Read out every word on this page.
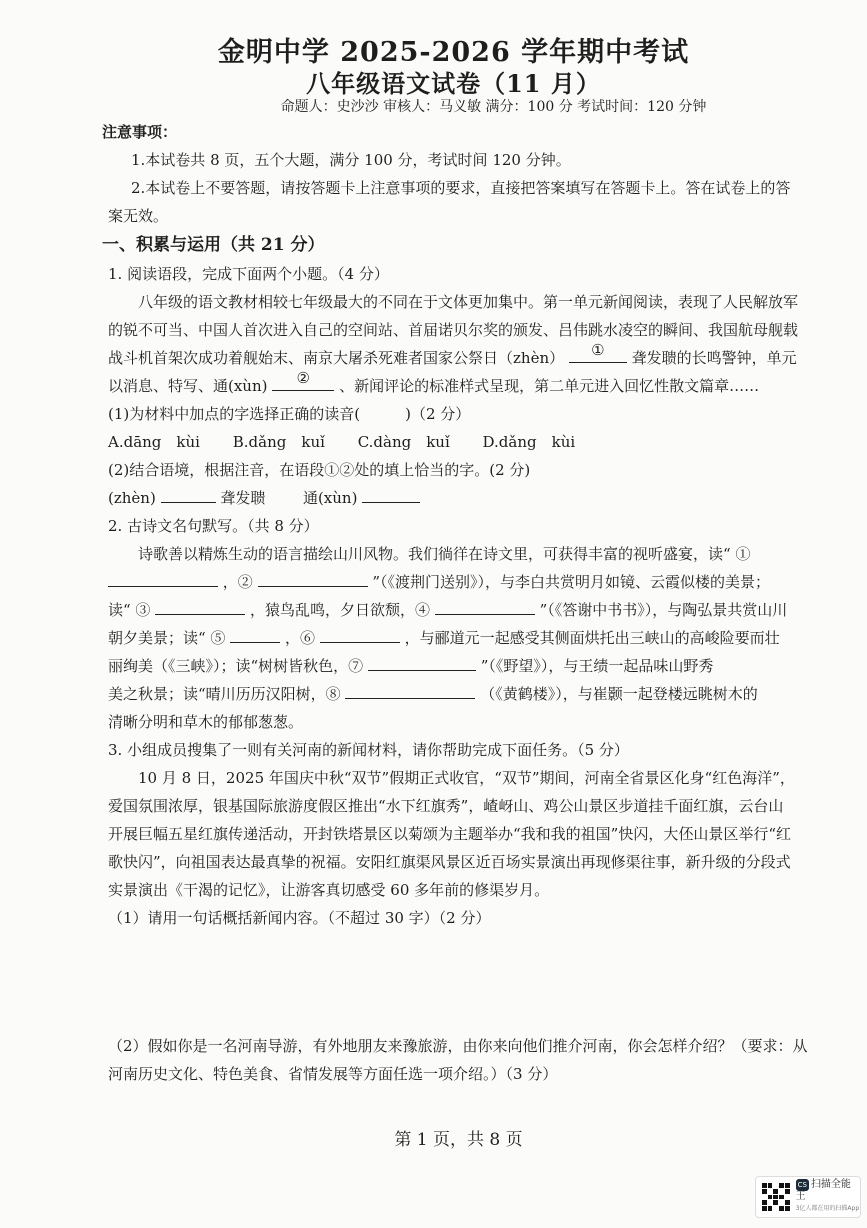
金明中学 2025-2026 学年期中考试
八年级语文试卷（11 月）
命题人：史沙沙 审核人：马义敏 满分：100 分 考试时间：120 分钟
注意事项：
1.本试卷共 8 页，五个大题，满分 100 分，考试时间 120 分钟。
2.本试卷上不要答题，请按答题卡上注意事项的要求，直接把答案填写在答题卡上。答在试卷上的答
案无效。
一、积累与运用（共 21 分）
1. 阅读语段，完成下面两个小题。（4 分）
八年级的语文教材相较七年级最大的不同在于文体更加集中。第一单元新闻阅读，表现了人民解放军
的锐不可当、中国人首次进入自己的空间站、首届诺贝尔奖的颁发、吕伟跳水凌空的瞬间、我国航母舰载
战斗机首架次成功着舰始末、南京大屠杀死难者国家公祭日（zhèn） ① 聋发聩的长鸣警钟，单元
以消息、特写、通(xùn) ② 、新闻评论的标准样式呈现，第二单元进入回忆性散文篇章……
(1)为材料中加点的字选择正确的读音(　　　)（2 分）
A.dāng　kùi B.dǎng　kuǐ C.dàng　kuǐ D.dǎng　kùi
(2)结合语境，根据注音，在语段①②处的填上恰当的字。(2 分)
(zhèn)	聋发聩	通(xùn)
2. 古诗文名句默写。（共 8 分）
诗歌善以精炼生动的语言描绘山川风物。我们徜徉在诗文里，可获得丰富的视听盛宴，读“ ①
，②	”（《渡荆门送别》），与李白共赏明月如镜、云霞似楼的美景；
读“ ③	，猿鸟乱鸣，夕日欲颓，④	”（《答谢中书书》），与陶弘景共赏山川
朝夕美景；读“ ⑤	，⑥	，与郦道元一起感受其侧面烘托出三峡山的高峻险要而壮
丽绚美（《三峡》）；读“树树皆秋色，⑦	”（《野望》），与王绩一起品味山野秀
美之秋景；读“晴川历历汉阳树，⑧	（《黄鹤楼》），与崔颢一起登楼远眺树木的
清晰分明和草木的郁郁葱葱。
3. 小组成员搜集了一则有关河南的新闻材料，请你帮助完成下面任务。（5 分）
10 月 8 日，2025 年国庆中秋“双节”假期正式收官，“双节”期间，河南全省景区化身“红色海洋”，
爱国氛围浓厚，银基国际旅游度假区推出“水下红旗秀”，嵖岈山、鸡公山景区步道挂千面红旗，云台山
开展巨幅五星红旗传递活动，开封铁塔景区以菊颂为主题举办“我和我的祖国”快闪，大伾山景区举行“红
歌快闪”，向祖国表达最真挚的祝福。安阳红旗渠风景区近百场实景演出再现修渠往事，新升级的分段式
实景演出《干渴的记忆》，让游客真切感受 60 多年前的修渠岁月。
（1）请用一句话概括新闻内容。（不超过 30 字）（2 分）
（2）假如你是一名河南导游，有外地朋友来豫旅游，由你来向他们推介河南，你会怎样介绍？（要求：从
河南历史文化、特色美食、省情发展等方面任选一项介绍。）（3 分）
第 1 页，共 8 页
CS 扫描全能王
3亿人都在用的扫描App
